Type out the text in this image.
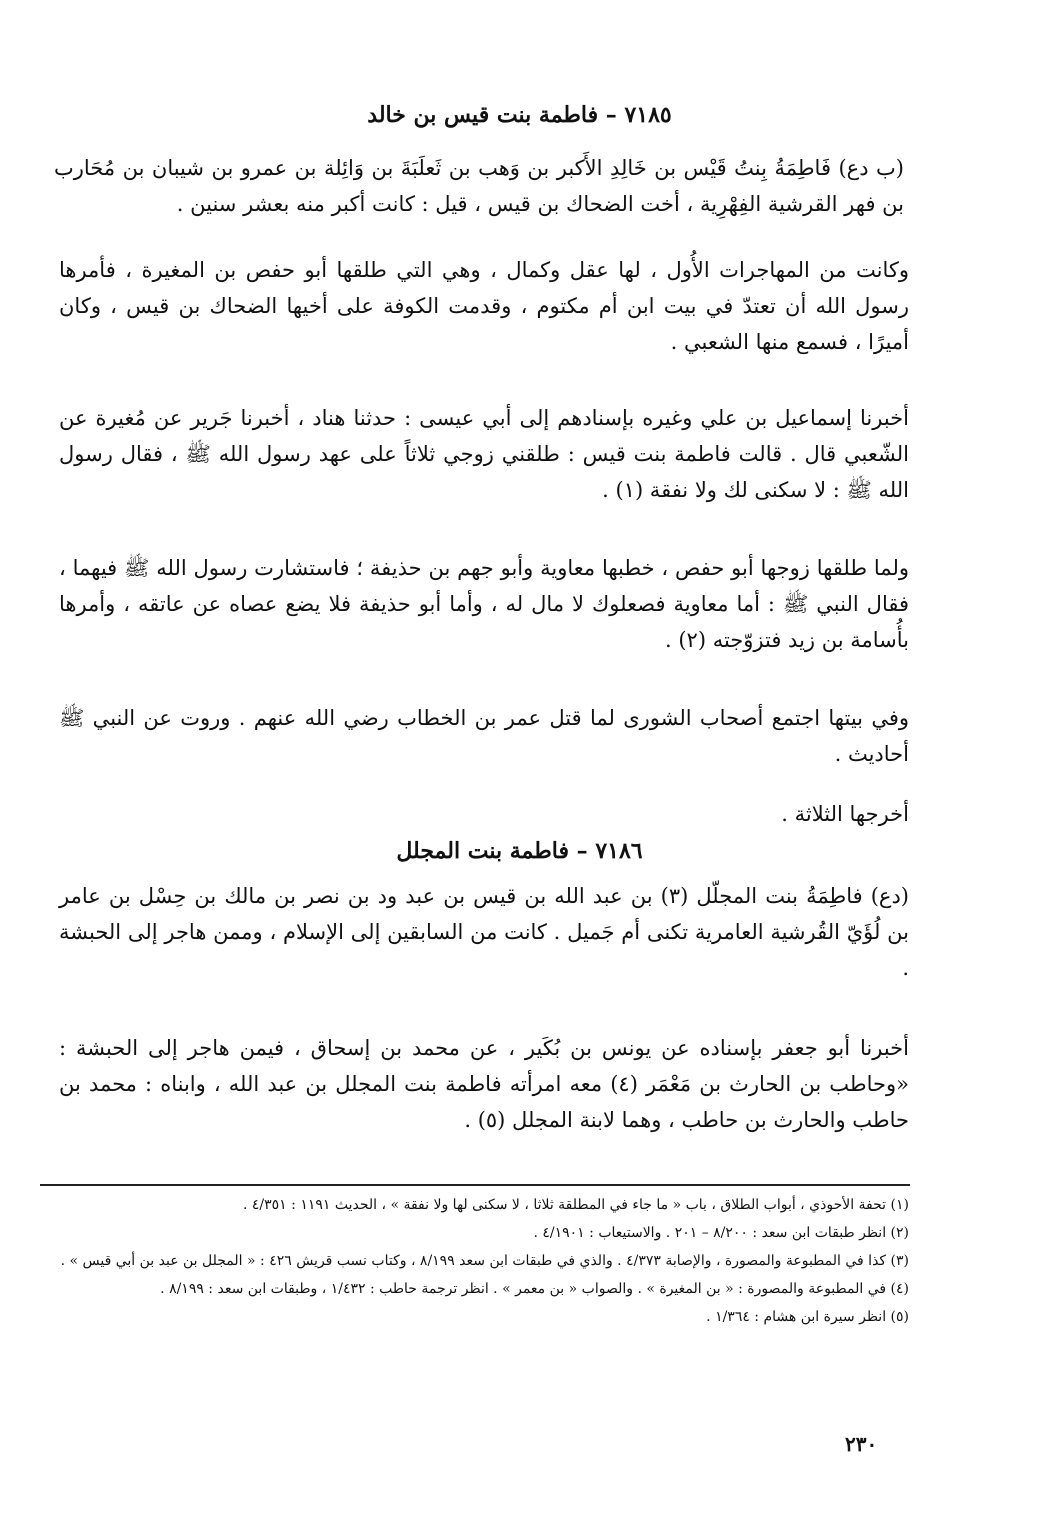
٧١٨٥ – فاطمة بنت قيس بن خالد
(ب دع) فَاطِمَةُ بِنتُ قَيْس بن خَالِدِ الأَكبر بن وَهب بن ثَعلَبَةَ بن وَائِلة بن عمرو بن شيبان بن مُحَارب بن فهر القرشية الفِهْرِية ، أخت الضحاك بن قيس ، قيل : كانت أكبر منه بعشر سنين .
وكانت من المهاجرات الأُول ، لها عقل وكمال ، وهي التي طلقها أبو حفص بن المغيرة ، فأمرها رسول الله أن تعتدّ في بيت ابن أم مكتوم ، وقدمت الكوفة على أخيها الضحاك بن قيس ، وكان أميرًا ، فسمع منها الشعبي .
أخبرنا إسماعيل بن علي وغيره بإسنادهم إلى أبي عيسى : حدثنا هناد ، أخبرنا جَرير عن مُغيرة عن الشّعبي قال . قالت فاطمة بنت قيس : طلقني زوجي ثلاثاً على عهد رسول الله ﷺ ، فقال رسول الله ﷺ : لا سكنى لك ولا نفقة (١) .
ولما طلقها زوجها أبو حفص ، خطبها معاوية وأبو جهم بن حذيفة ؛ فاستشارت رسول الله ﷺ فيهما ، فقال النبي ﷺ : أما معاوية فصعلوك لا مال له ، وأما أبو حذيفة فلا يضع عصاه عن عاتقه ، وأمرها بأُسامة بن زيد فتزوّجته (٢) .
وفي بيتها اجتمع أصحاب الشورى لما قتل عمر بن الخطاب رضي الله عنهم . وروت عن النبي ﷺ أحاديث .
أخرجها الثلاثة .
٧١٨٦ – فاطمة بنت المجلل
(دع) فاطِمَةُ بنت المجلّل (٣) بن عبد الله بن قيس بن عبد ود بن نصر بن مالك بن حِسْل بن عامر بن لُؤَيّ القُرشية العامرية تكنى أم جَميل . كانت من السابقين إلى الإسلام ، وممن هاجر إلى الحبشة .
أخبرنا أبو جعفر بإسناده عن يونس بن بُكَير ، عن محمد بن إسحاق ، فيمن هاجر إلى الحبشة : «وحاطب بن الحارث بن مَعْمَر (٤) معه امرأته فاطمة بنت المجلل بن عبد الله ، وابناه : محمد بن حاطب والحارث بن حاطب ، وهما لابنة المجلل (٥) .

(١) تحفة الأحوذي ، أبواب الطلاق ، باب « ما جاء في المطلقة ثلاثا ، لا سكنى لها ولا نفقة » ، الحديث ١١٩١ : ٤/٣٥١ .

(٢) انظر طبقات ابن سعد : ٨/٢٠٠ – ٢٠١ . والاستيعاب : ٤/١٩٠١ .

(٣) كذا في المطبوعة والمصورة ، والإصابة ٤/٣٧٣ . والذي في طبقات ابن سعد ٨/١٩٩ ، وكتاب نسب قريش ٤٢٦ : « المجلل بن عبد بن أبي قيس » .

(٤) في المطبوعة والمصورة : « بن المغيرة » . والصواب « بن معمر » . انظر ترجمة حاطب : ١/٤٣٢ ، وطبقات ابن سعد : ٨/١٩٩ .

(٥) انظر سيرة ابن هشام : ١/٣٦٤ .

٢٣٠
